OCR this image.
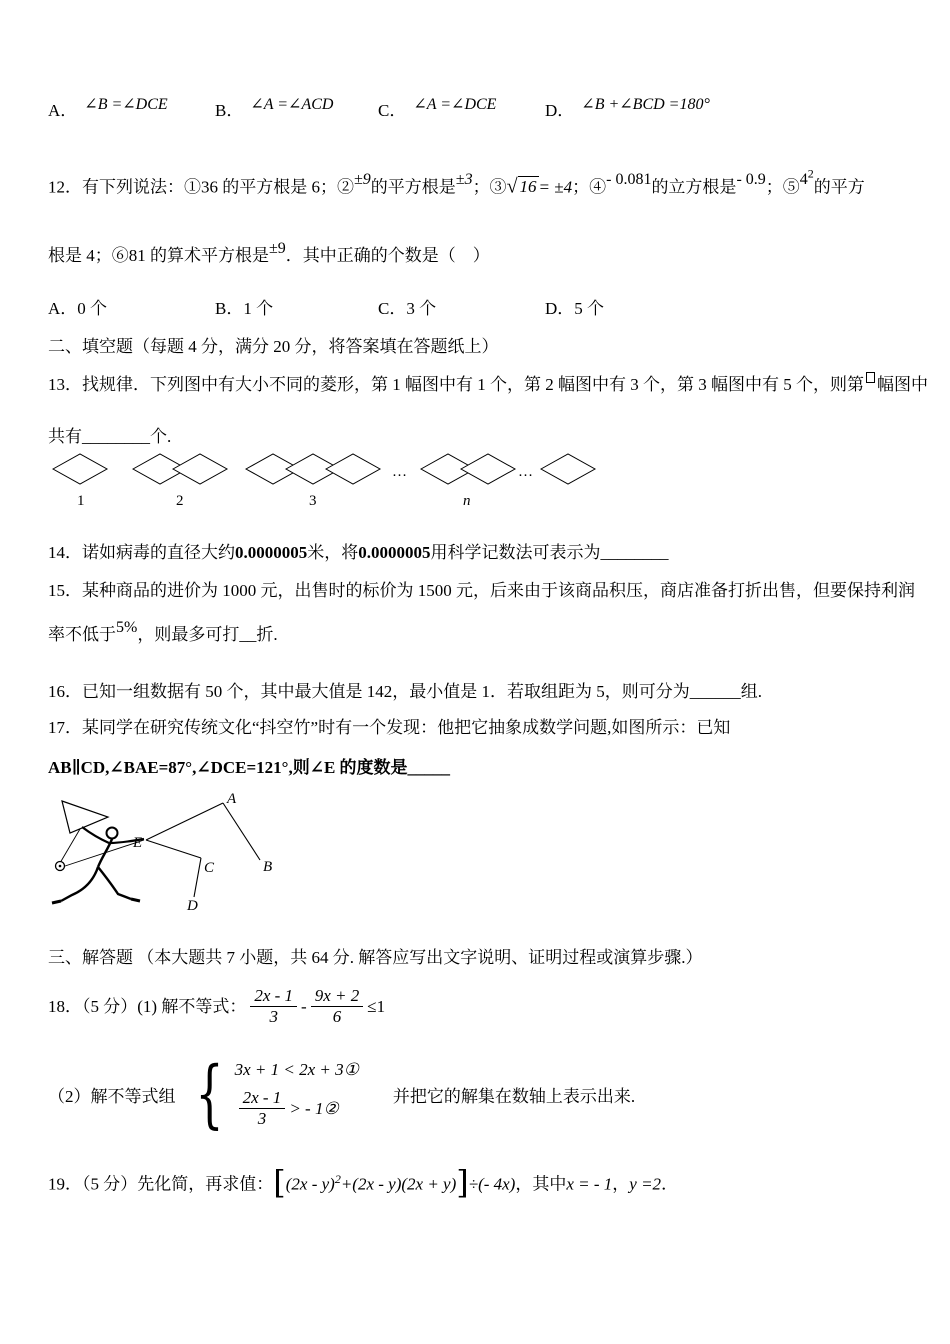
A． ∠B =∠DCE	B． ∠A =∠ACD	C． ∠A =∠DCE	D． ∠B +∠BCD =180°
12．有下列说法：①36 的平方根是 6；②±9的平方根是±3；③√ 16 = ±4；④- 0.081的立方根是- 0.9；$⑤4^2$的平方
根是 4；⑥81 的算术平方根是±9．其中正确的个数是（　）
A．0 个	B．1 个	C．3 个	D．5 个
二、填空题（每题 4 分，满分 20 分，将答案填在答题纸上）
13．找规律．下列图中有大小不同的菱形，第 1 幅图中有 1 个，第 2 幅图中有 3 个，第 3 幅图中有 5 个，则第 幅图中
共有________个.
…	…
1	2	3	n
14．诺如病毒的直径大约0.0000005米，将0.0000005用科学记数法可表示为________
15．某种商品的进价为 1000 元，出售时的标价为 1500 元，后来由于该商品积压，商店准备打折出售，但要保持利润
率不低于5%，则最多可打__折.
16．已知一组数据有 50 个，其中最大值是 142，最小值是 1．若取组距为 5，则可分为______组.
17．某同学在研究传统文化“抖空竹”时有一个发现：他把它抽象成数学问题,如图所示：已知
AB∥CD,∠BAE=87°,∠DCE=121°,则∠E 的度数是_____
A
B
C
D
E
三、解答题 （本大题共 7 小题，共 64 分. 解答应写出文字说明、证明过程或演算步骤.）
18．（5 分）(1) 解不等式： $\frac{2x - 1}{3} - \frac{9x + 2}{6} \le 1$
（2）解不等式组 { 3x + 1 < 2x + 3①
$\frac{2x - 1}{3}$ > - 1②
并把它的解集在数轴上表示出来.
19．（5 分）先化简，再求值：[(2x - y)$^2$+(2x - y)(2x + y)]÷(- 4x)，其中x = - 1，y =2．
